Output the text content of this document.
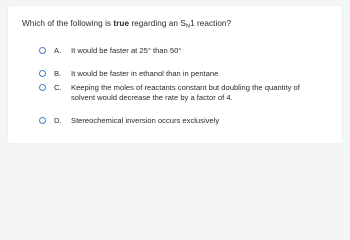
Which of the following is true regarding an $S_N1$ reaction?
A. It would be faster at 25° than 50°
B. It would be faster in ethanol than in pentane
C. Keeping the moles of reactants constant but doubling the quantity of
solvent would decrease the rate by a factor of 4.
D. Stereochemical inversion occurs exclusively
